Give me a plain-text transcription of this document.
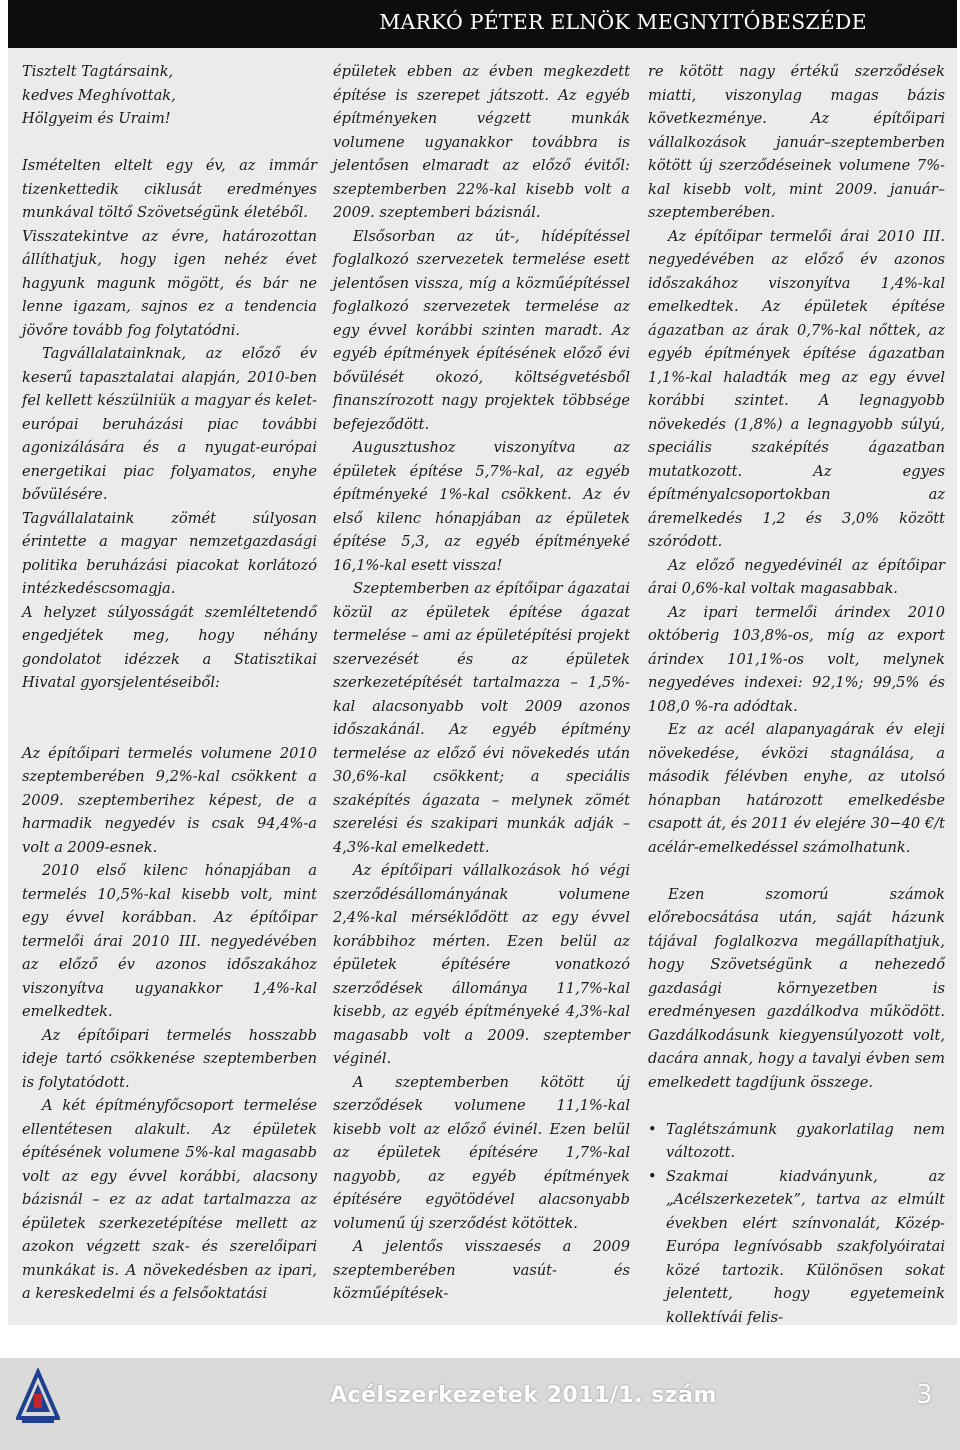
MARKÓ PÉTER ELNÖK MEGNYITÓBESZÉDE

Tisztelt Tagtársaink,

kedves Meghívottak,

Hölgyeim és Uraim!

Ismételten eltelt egy év, az immár tizenkettedik ciklusát eredményes munkával töltő Szövetségünk életéből.

Visszatekintve az évre, határozottan állíthatjuk, hogy igen nehéz évet hagyunk magunk mögött, és bár ne lenne igazam, sajnos ez a tendencia jövőre tovább fog folytatódni.

Tagvállalatainknak, az előző év keserű tapasztalatai alapján, 2010-ben fel kellett készülniük a magyar és kelet-európai beruházási piac további agonizálására és a nyugat-európai energetikai piac folyamatos, enyhe bővülésére.

Tagvállalataink zömét súlyosan érintette a magyar nemzetgazdasági politika beruházási piacokat korlátozó intézkedéscsomagja.

A helyzet súlyosságát szemléltetendő engedjétek meg, hogy néhány gondolatot idézzek a Statisztikai Hivatal gyorsjelentéseiből:

Az építőipari termelés volumene 2010 szeptemberében 9,2%-kal csökkent a 2009. szeptemberihez képest, de a harmadik negyedév is csak 94,4%-a volt a 2009-esnek.

2010 első kilenc hónapjában a termelés 10,5%-kal kisebb volt, mint egy évvel korábban. Az építőipar termelői árai 2010 III. negyedévében az előző év azonos időszakához viszonyítva ugyanakkor 1,4%-kal emelkedtek.

Az építőipari termelés hosszabb ideje tartó csökkenése szeptemberben is folytatódott.

A két építményfőcsoport termelése ellentétesen alakult. Az épületek építésének volumene 5%-kal magasabb volt az egy évvel korábbi, alacsony bázisnál – ez az adat tartalmazza az épületek szerkezetépítése mellett az azokon végzett szak- és szerelőipari munkákat is. A növekedésben az ipari, a kereskedelmi és a felsőoktatási

épületek ebben az évben megkezdett építése is szerepet játszott. Az egyéb építményeken végzett munkák volumene ugyanakkor továbbra is jelentősen elmaradt az előző évitől: szeptemberben 22%-kal kisebb volt a 2009. szeptemberi bázisnál.

Elsősorban az út-, hídépítéssel foglalkozó szervezetek termelése esett jelentősen vissza, míg a közműépítéssel foglalkozó szervezetek termelése az egy évvel korábbi szinten maradt. Az egyéb építmények építésének előző évi bővülését okozó, költségvetésből finanszírozott nagy projektek többsége befejeződött.

Augusztushoz viszonyítva az épületek építése 5,7%-kal, az egyéb építményeké 1%-kal csökkent. Az év első kilenc hónapjában az épületek építése 5,3, az egyéb építményeké 16,1%-kal esett vissza!

Szeptemberben az építőipar ágazatai közül az épületek építése ágazat termelése – ami az épületépítési projekt szervezését és az épületek szerkezetépítését tartalmazza – 1,5%-kal alacsonyabb volt 2009 azonos időszakánál. Az egyéb építmény termelése az előző évi növekedés után 30,6%-kal csökkent; a speciális szaképítés ágazata – melynek zömét szerelési és szakipari munkák adják – 4,3%-kal emelkedett.

Az építőipari vállalkozások hó végi szerződésállományának volumene 2,4%-kal mérséklődött az egy évvel korábbihoz mérten. Ezen belül az épületek építésére vonatkozó szerződések állománya 11,7%-kal kisebb, az egyéb építményeké 4,3%-kal magasabb volt a 2009. szeptember véginél.

A szeptemberben kötött új szerződések volumene 11,1%-kal kisebb volt az előző évinél. Ezen belül az épületek építésére 1,7%-kal nagyobb, az egyéb építmények építésére egyötödével alacsonyabb volumenű új szerződést kötöttek.

A jelentős visszaesés a 2009 szeptemberében vasút- és közműépítések-

re kötött nagy értékű szerződések miatti, viszonylag magas bázis következménye. Az építőipari vállalkozások január–szeptemberben kötött új szerződéseinek volumene 7%-kal kisebb volt, mint 2009. január–szeptemberében.

Az építőipar termelői árai 2010 III. negyedévében az előző év azonos időszakához viszonyítva 1,4%-kal emelkedtek. Az épületek építése ágazatban az árak 0,7%-kal nőttek, az egyéb építmények építése ágazatban 1,1%-kal haladták meg az egy évvel korábbi szintet. A legnagyobb növekedés (1,8%) a legnagyobb súlyú, speciális szaképítés ágazatban mutatkozott. Az egyes építményalcsoportokban az áremelkedés 1,2 és 3,0% között szóródott.

Az előző negyedévinél az építőipar árai 0,6%-kal voltak magasabbak.

Az ipari termelői árindex 2010 októberig 103,8%-os, míg az export árindex 101,1%-os volt, melynek negyedéves indexei: 92,1%; 99,5% és 108,0 %-ra adódtak.

Ez az acél alapanyagárak év eleji növekedése, évközi stagnálása, a második félévben enyhe, az utolsó hónapban határozott emelkedésbe csapott át, és 2011 év elejére 30−40 €/t acélár-emelkedéssel számolhatunk.

Ezen szomorú számok előrebocsátása után, saját házunk tájával foglalkozva megállapíthatjuk, hogy Szövetségünk a nehezedő gazdasági környezetben is eredményesen gazdálkodva működött. Gazdálkodásunk kiegyensúlyozott volt, dacára annak, hogy a tavalyi évben sem emelkedett tagdíjunk összege.

• Taglétszámunk gyakorlatilag nem változott.
• Szakmai kiadványunk, az „Acélszerkezetek”, tartva az elmúlt években elért színvonalát, Közép-Európa legnívósabb szakfolyóiratai közé tartozik. Különösen sokat jelentett, hogy egyetemeink kollektívái felis-
Acélszerkezetek 2011/1. szám	3
